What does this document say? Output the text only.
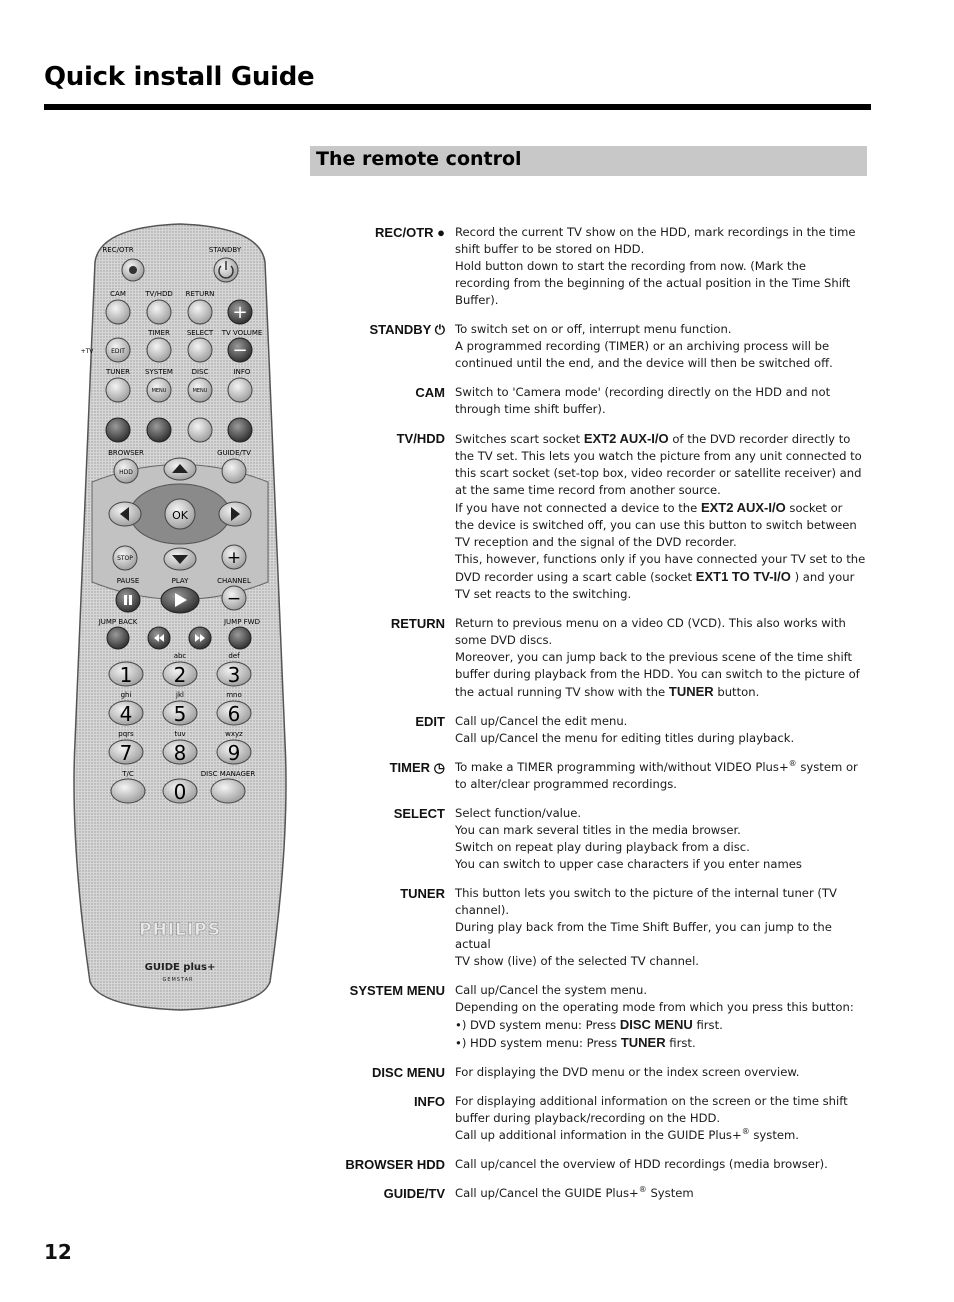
Quick install Guide
The remote control
REC/OTR	STANDBY
CAM	TV/HDD RETURN
+
TIMER SELECT TV VOLUME
+TV	EDIT	−
TUNER SYSTEM	DISC	INFO
MENU	MENU
BROWSER	GUIDE/TV
HDD
OK
STOP	+
PAUSE	PLAY	CHANNEL
−
JUMP BACK	JUMP FWD
abc	def
1 2 3
ghi	jkl	mno
4 5 6
pqrs	tuv	wxyz
7 8 9
T/C	DISC MANAGER
0
PHILIPS
GUIDE plus+
GEMSTAR
REC/OTR ● Record the current TV show on the HDD, mark recordings in the time
shift buffer to be stored on HDD.
Hold button down to start the recording from now. (Mark the
recording from the beginning of the actual position in the Time Shift
Buffer).
STANDBY ⏻ To switch set on or off, interrupt menu function.
A programmed recording (TIMER) or an archiving process will be
continued until the end, and the device will then be switched off.
CAM Switch to 'Camera mode' (recording directly on the HDD and not
through time shift buffer).
TV/HDD Switches scart socket EXT2 AUX-I/O of the DVD recorder directly to
the TV set. This lets you watch the picture from any unit connected to
this scart socket (set-top box, video recorder or satellite receiver) and
at the same time record from another source.
If you have not connected a device to the EXT2 AUX-I/O socket or
the device is switched off, you can use this button to switch between
TV reception and the signal of the DVD recorder.
This, however, functions only if you have connected your TV set to the
DVD recorder using a scart cable (socket EXT1 TO TV-I/O ) and your
TV set reacts to the switching.
RETURN Return to previous menu on a video CD (VCD). This also works with
some DVD discs.
Moreover, you can jump back to the previous scene of the time shift
buffer during playback from the HDD. You can switch to the picture of
the actual running TV show with the TUNER button.
EDIT Call up/Cancel the edit menu.
Call up/Cancel the menu for editing titles during playback.
TIMER ◷ To make a TIMER programming with/without VIDEO Plus+® system or
to alter/clear programmed recordings.
SELECT Select function/value.
You can mark several titles in the media browser.
Switch on repeat play during playback from a disc.
You can switch to upper case characters if you enter names
TUNER This button lets you switch to the picture of the internal tuner (TV
channel).
During play back from the Time Shift Buffer, you can jump to the actual
TV show (live) of the selected TV channel.
SYSTEM MENU Call up/Cancel the system menu.
Depending on the operating mode from which you press this button:
•) DVD system menu: Press DISC MENU first.
•) HDD system menu: Press TUNER first.
DISC MENU For displaying the DVD menu or the index screen overview.
INFO For displaying additional information on the screen or the time shift
buffer during playback/recording on the HDD.
Call up additional information in the GUIDE Plus+® system.
BROWSER HDD Call up/cancel the overview of HDD recordings (media browser).
GUIDE/TV Call up/Cancel the GUIDE Plus+® System
12
